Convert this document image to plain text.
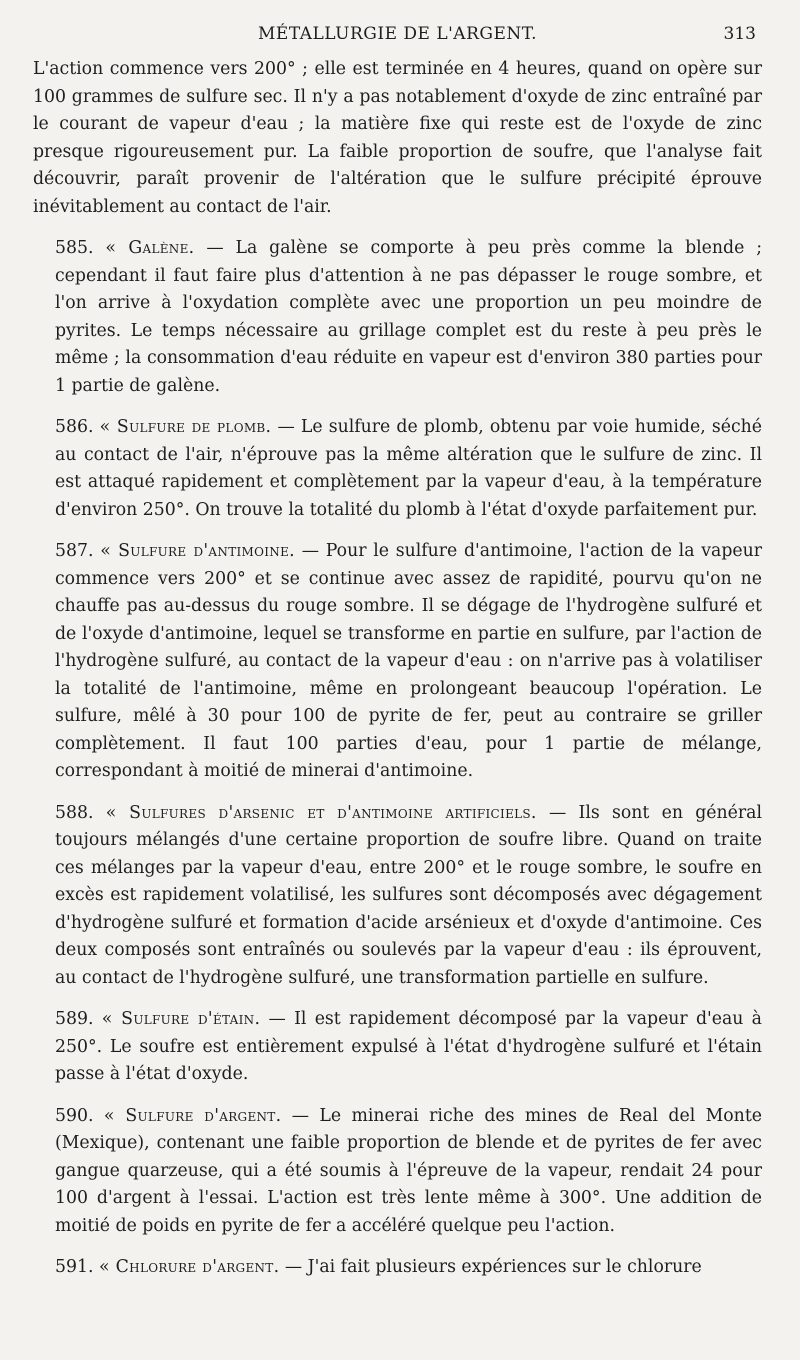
MÉTALLURGIE DE L'ARGENT.	313

L'action commence vers 200° ; elle est terminée en 4 heures, quand on opère sur 100 grammes de sulfure sec. Il n'y a pas notablement d'oxyde de zinc entraîné par le courant de vapeur d'eau ; la matière fixe qui reste est de l'oxyde de zinc presque rigoureusement pur. La faible proportion de soufre, que l'analyse fait découvrir, paraît provenir de l'altération que le sulfure précipité éprouve inévitablement au contact de l'air.

585. « Galène. — La galène se comporte à peu près comme la blende ; cependant il faut faire plus d'attention à ne pas dépasser le rouge sombre, et l'on arrive à l'oxydation complète avec une proportion un peu moindre de pyrites. Le temps nécessaire au grillage complet est du reste à peu près le même ; la consommation d'eau réduite en vapeur est d'environ 380 parties pour 1 partie de galène.

586. « Sulfure de plomb. — Le sulfure de plomb, obtenu par voie humide, séché au contact de l'air, n'éprouve pas la même altération que le sulfure de zinc. Il est attaqué rapidement et complètement par la vapeur d'eau, à la température d'environ 250°. On trouve la totalité du plomb à l'état d'oxyde parfaitement pur.

587. « Sulfure d'antimoine. — Pour le sulfure d'antimoine, l'action de la vapeur commence vers 200° et se continue avec assez de rapidité, pourvu qu'on ne chauffe pas au-dessus du rouge sombre. Il se dégage de l'hydrogène sulfuré et de l'oxyde d'antimoine, lequel se transforme en partie en sulfure, par l'action de l'hydrogène sulfuré, au contact de la vapeur d'eau : on n'arrive pas à volatiliser la totalité de l'antimoine, même en prolongeant beaucoup l'opération. Le sulfure, mêlé à 30 pour 100 de pyrite de fer, peut au contraire se griller complètement. Il faut 100 parties d'eau, pour 1 partie de mélange, correspondant à moitié de minerai d'antimoine.

588. « Sulfures d'arsenic et d'antimoine artificiels. — Ils sont en général toujours mélangés d'une certaine proportion de soufre libre. Quand on traite ces mélanges par la vapeur d'eau, entre 200° et le rouge sombre, le soufre en excès est rapidement volatilisé, les sulfures sont décomposés avec dégagement d'hydrogène sulfuré et formation d'acide arsénieux et d'oxyde d'antimoine. Ces deux composés sont entraînés ou soulevés par la vapeur d'eau : ils éprouvent, au contact de l'hydrogène sulfuré, une transformation partielle en sulfure.

589. « Sulfure d'étain. — Il est rapidement décomposé par la vapeur d'eau à 250°. Le soufre est entièrement expulsé à l'état d'hydrogène sulfuré et l'étain passe à l'état d'oxyde.

590. « Sulfure d'argent. — Le minerai riche des mines de Real del Monte (Mexique), contenant une faible proportion de blende et de pyrites de fer avec gangue quarzeuse, qui a été soumis à l'épreuve de la vapeur, rendait 24 pour 100 d'argent à l'essai. L'action est très lente même à 300°. Une addition de moitié de poids en pyrite de fer a accéléré quelque peu l'action.

591. « Chlorure d'argent. — J'ai fait plusieurs expériences sur le chlorure
